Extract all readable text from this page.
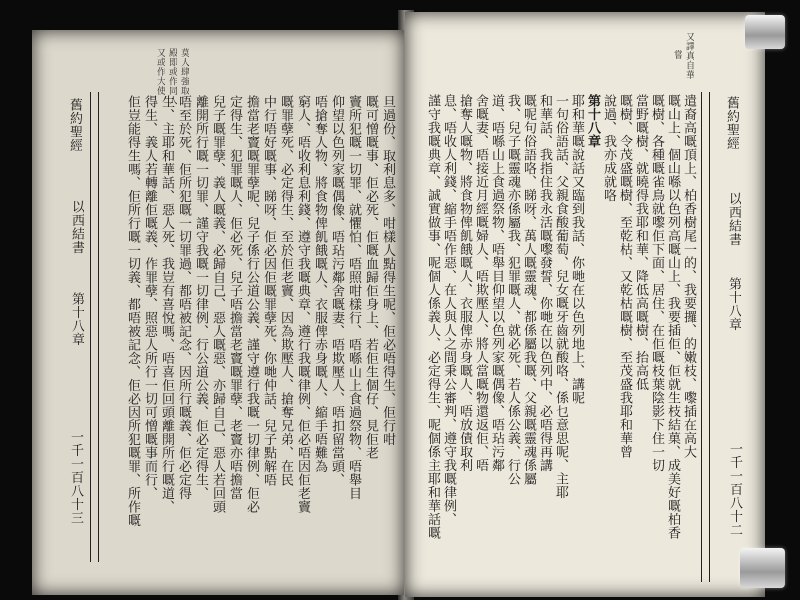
莫人肆強取
殿即或作同人
又或作大使
舊約聖經
以西結書
第十八章
一千一百八十三
旦過份、取利息多、咁樣人點得生呢、佢必唔得生、佢行咁
嘅可憎嘅事、佢必死、佢嘅血歸佢身上、若佢生個仔、見佢老
竇所犯嘅一切罪、就懼怕、唔照咁樣行、唔喺山上食過祭物、唔舉目
仰望以色列家嘅偶像、唔玷污鄰舍嘅妻、唔欺壓人、唔扣留當頭、
唔搶奪人物、將食物俾飢餓嘅人、衣服俾赤身嘅人、縮手唔難為
窮人、唔收利息利錢、遵守我嘅典章、遵行我嘅律例、佢必唔因佢老竇
嘅罪孽死、必定得生、至於佢老竇、因為欺壓人、搶奪兄弟、在民
中行唔好嘅事、睇呀、佢必因佢嘅罪孽死、你哋仲話、兒子點解唔
擔當老竇嘅罪孽呢、兒子係行公道公義、謹守遵行我嘅一切律例、佢必
定得生、犯罪嘅人、佢必死、兒子唔擔當老竇嘅罪孽、老竇亦唔擔當
兒子嘅罪孽、義人嘅義、必歸自己、惡人嘅惡、亦歸自己、惡人若回頭
離開所行嘅一切罪、謹守我嘅一切律例、行公道公義、佢必定得生、
唔至於死、佢所犯嘅一切罪過、都唔被記念、因所行嘅義、佢必定得
生、主耶和華話、惡人死、我豈有喜悅嗎、唔喜佢回頭離開所行嘅道、
得生、義人若轉離佢嘅義、作罪孽、照惡人所行一切可憎嘅事而行、
佢豈能得生嗎、佢所行嘅一切義、都唔被記念、佢必因所犯嘅罪、所作嘅
又譯真自華
嘗
舊約聖經
以西結書
第十八章
一千一百八十二
遣裔高嘅頂上、柏香樹尾一的、我要攞、的嫩枝、嚟插在高大
嘅山上、個山喺以色列高嘅山上、我要插佢、佢就生枝結菓、成美好嘅柏香
嘅樹、各種嘅雀鳥就嚟佢下面、居住、在佢嘅枝葉陰影下住一切
當野嘅樹、就曉得我耶和華、降低高嘅樹、抬高低
嘅樹、令茂盛嘅樹、至乾枯、又乾枯嘅樹、至茂盛我耶和華曾
說過、我亦成就咯
第十八章
耶和華嘅說話又臨到我話、你哋在以色列地上、講呢
一句俗語話、父親食酸葡萄、兒女嘅牙齒就酸咯、係乜意思呢、主耶
和華話、我指住我永活嘅嚟發誓、你哋在以色列中、必唔得再講
嘅呢句俗語咯、睇呀、萬人嘅靈魂、都係屬我嘅、父親嘅靈魂係屬
我、兒子嘅靈魂亦係屬我、犯罪嘅人、就必死、若人係公義、行公
道、唔喺山上食過祭物、唔舉目仰望以色列家嘅偶像、唔玷污鄰
舍嘅妻、唔接近月經嘅婦人、唔欺壓人、將人當嘅物還返佢、唔
搶奪人嘅物、將食物俾飢餓嘅人、衣服俾赤身嘅人、唔放債取利
息、唔收人利錢、縮手唔作惡、在人與人之間秉公審判、遵守我嘅律例、
謹守我嘅典章、誠實做事、呢個人係義人、必定得生、呢個係主耶和華話嘅
